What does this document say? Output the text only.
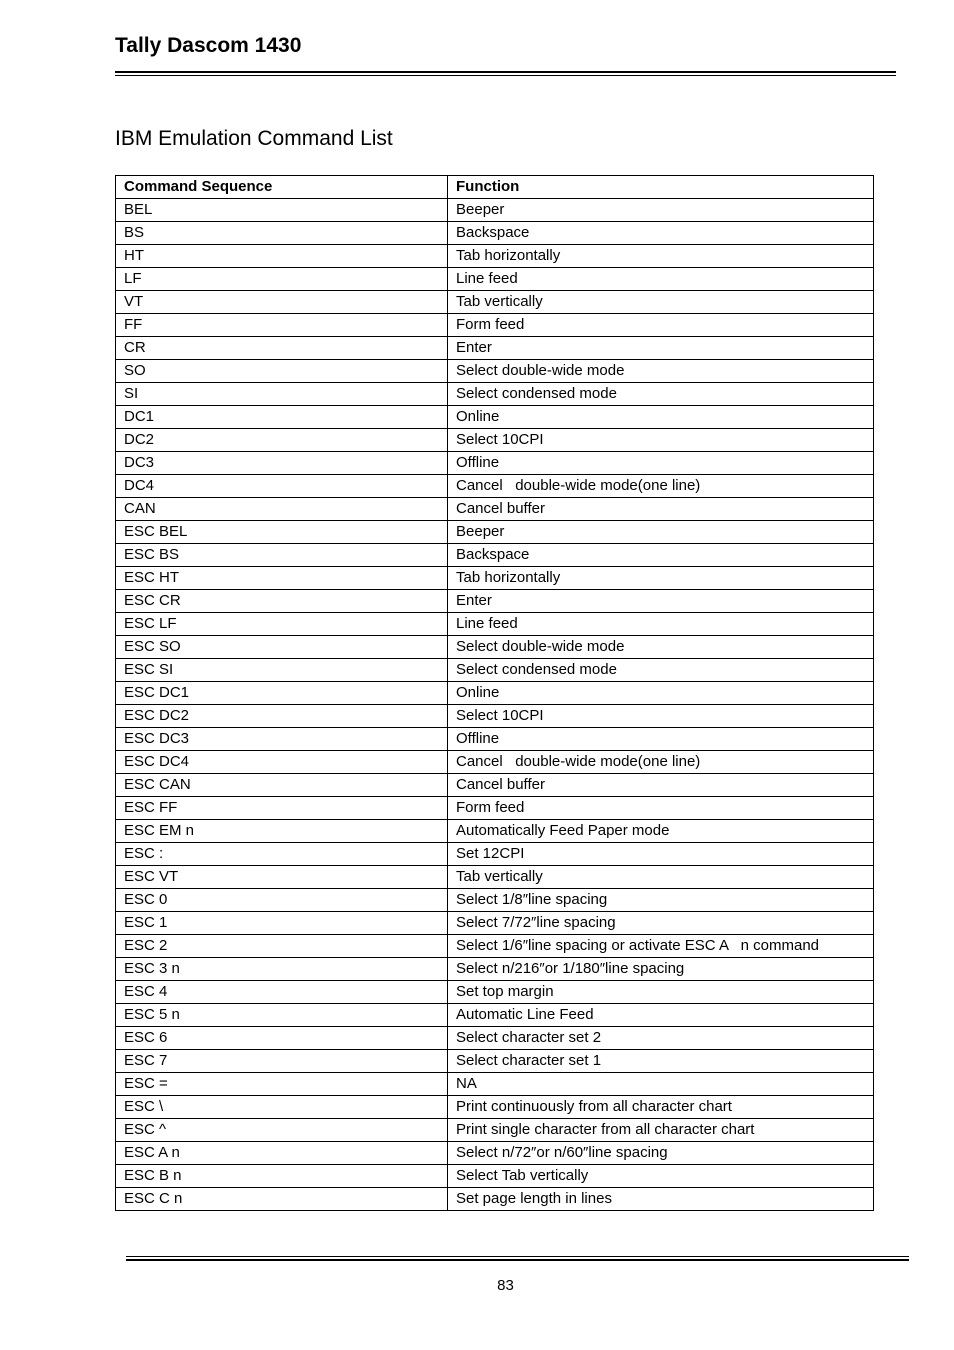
Tally Dascom 1430
IBM Emulation Command List
Command Sequence	Function
BEL	Beeper
BS	Backspace
HT	Tab horizontally
LF	Line feed
VT	Tab vertically
FF	Form feed
CR	Enter
SO	Select double-wide mode
SI	Select condensed mode
DC1	Online
DC2	Select 10CPI
DC3	Offline
DC4	Cancel   double-wide mode(one line)
CAN	Cancel buffer
ESC BEL	Beeper
ESC BS	Backspace
ESC HT	Tab horizontally
ESC CR	Enter
ESC LF	Line feed
ESC SO	Select double-wide mode
ESC SI	Select condensed mode
ESC DC1	Online
ESC DC2	Select 10CPI
ESC DC3	Offline
ESC DC4	Cancel   double-wide mode(one line)
ESC CAN	Cancel buffer
ESC FF	Form feed
ESC EM n	Automatically Feed Paper mode
ESC :	Set 12CPI
ESC VT	Tab vertically
ESC 0	Select 1/8″line spacing
ESC 1	Select 7/72″line spacing
ESC 2	Select 1/6″line spacing or activate ESC A   n command
ESC 3 n	Select n/216″or 1/180″line spacing
ESC 4	Set top margin
ESC 5 n	Automatic Line Feed
ESC 6	Select character set 2
ESC 7	Select character set 1
ESC =	NA
ESC \	Print continuously from all character chart
ESC ^	Print single character from all character chart
ESC A n	Select n/72″or n/60″line spacing
ESC B n	Select Tab vertically
ESC C n	Set page length in lines
83
